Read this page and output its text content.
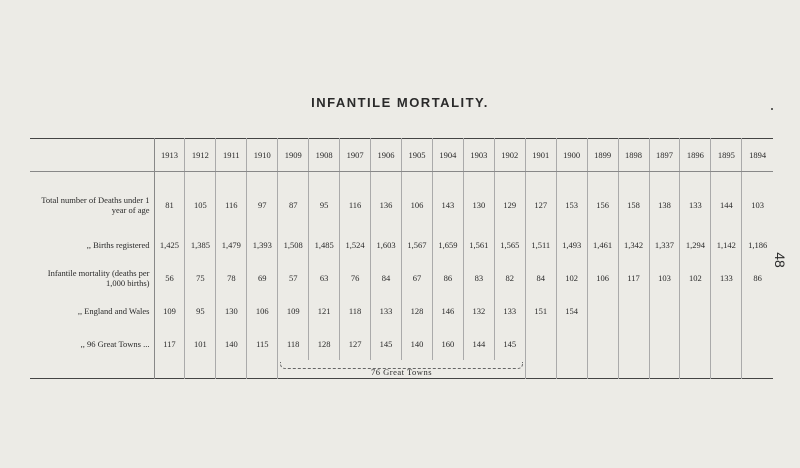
INFANTILE MORTALITY.
48
	1913	1912	1911	1910	1909	1908	1907	1906	1905	1904	1903	1902	1901	1900	1899	1898	1897	1896	1895	1894
Total number of Deaths under 1 year of age	81	105	116	97	87	95	116	136	106	143	130	129	127	153	156	158	138	133	144	103
,, Births registered	1,425	1,385	1,479	1,393	1,508	1,485	1,524	1,603	1,567	1,659	1,561	1,565	1,511	1,493	1,461	1,342	1,337	1,294	1,142	1,186
Infantile mortality (deaths per 1,000 births)	56	75	78	69	57	63	76	84	67	86	83	82	84	102	106	117	103	102	133	86
,, England and Wales	109	95	130	106	109	121	118	133	128	146	132	133	151	154						
,, 96 Great Towns ...	117	101	140	115	118	128	127	145	140	160	144	145								

					76 Great Towns															
